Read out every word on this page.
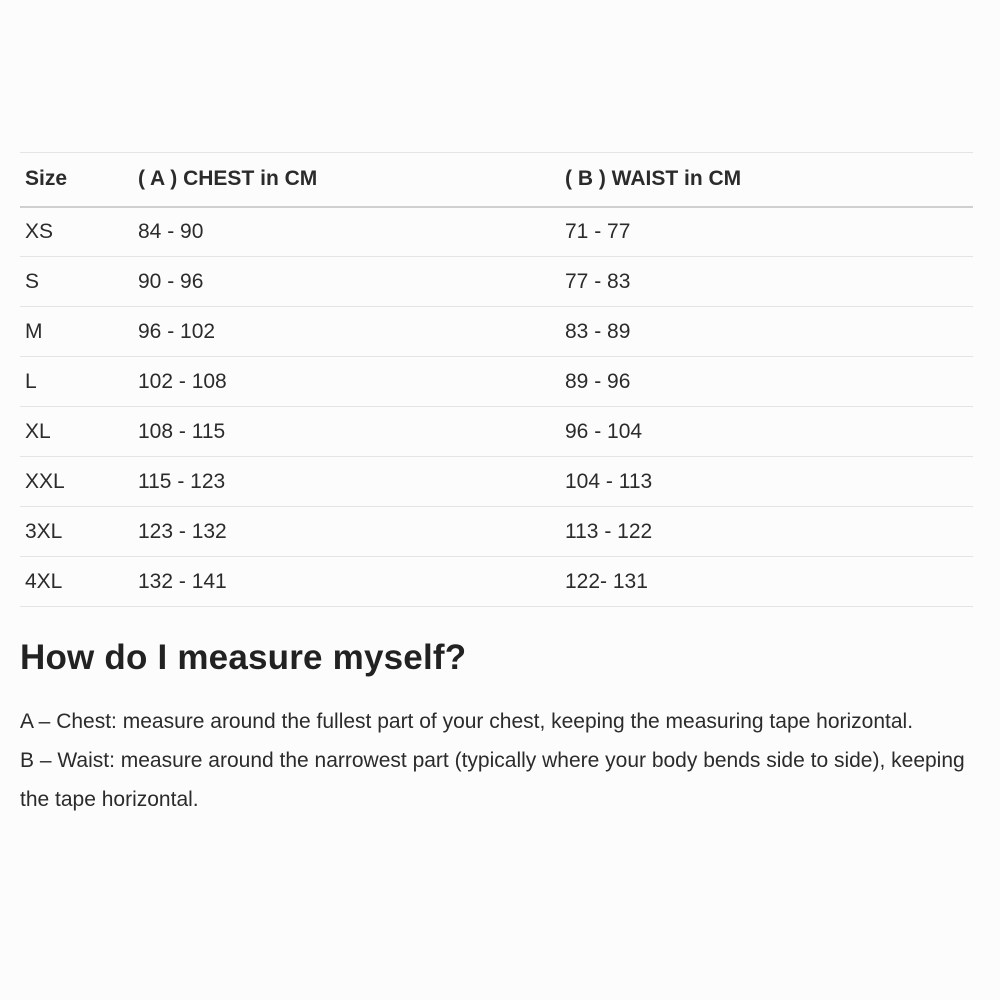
Size	( A ) CHEST in CM	( B ) WAIST in CM
XS	84 - 90	71 - 77
S	90 - 96	77 - 83
M	96 - 102	83 - 89
L	102 - 108	89 - 96
XL	108 - 115	96 - 104
XXL	115 - 123	104 - 113
3XL	123 - 132	113 - 122
4XL	132 - 141	122- 131
How do I measure myself?

A – Chest: measure around the fullest part of your chest, keeping the measuring tape horizontal.

B – Waist: measure around the narrowest part (typically where your body bends side to side), keeping the tape horizontal.
